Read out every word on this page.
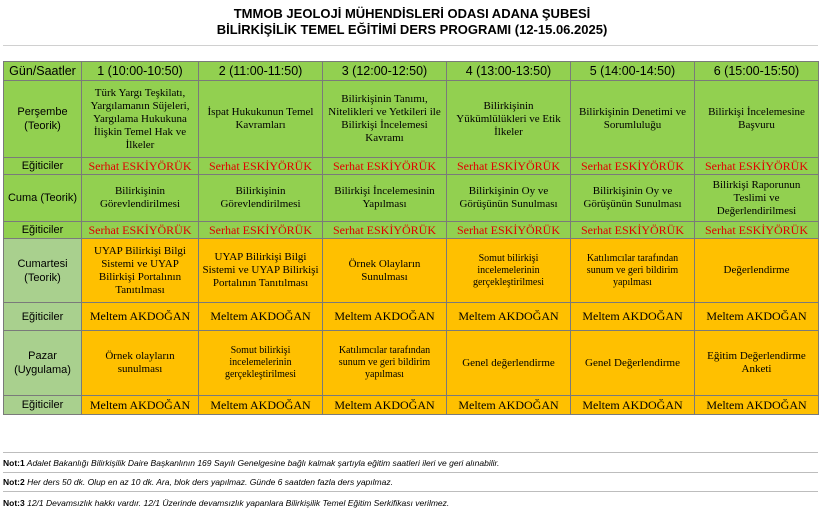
TMMOB JEOLOJİ MÜHENDİSLERİ ODASI ADANA ŞUBESİ
BİLİRKİŞİLİK TEMEL EĞİTİMİ DERS PROGRAMI (12-15.06.2025)
Gün/Saatler	1 (10:00-10:50)	2 (11:00-11:50)	3 (12:00-12:50)	4 (13:00-13:50)	5 (14:00-14:50)	6 (15:00-15:50)
Perşembe (Teorik)	Türk Yargı Teşkilatı, Yargılamanın Süjeleri, Yargılama Hukukuna İlişkin Temel Hak ve İlkeler	İspat Hukukunun Temel Kavramları	Bilirkişinin Tanımı, Nitelikleri ve Yetkileri ile Bilirkişi İncelemesi Kavramı	Bilirkişinin Yükümlülükleri ve Etik İlkeler	Bilirkişinin Denetimi ve Sorumluluğu	Bilirkişi İncelemesine Başvuru
Eğiticiler	Serhat ESKİYÖRÜK	Serhat ESKİYÖRÜK	Serhat ESKİYÖRÜK	Serhat ESKİYÖRÜK	Serhat ESKİYÖRÜK	Serhat ESKİYÖRÜK
Cuma (Teorik)	Bilirkişinin Görevlendirilmesi	Bilirkişinin Görevlendirilmesi	Bilirkişi İncelemesinin Yapılması	Bilirkişinin Oy ve Görüşünün Sunulması	Bilirkişinin Oy ve Görüşünün Sunulması	Bilirkişi Raporunun Teslimi ve Değerlendirilmesi
Eğiticiler	Serhat ESKİYÖRÜK	Serhat ESKİYÖRÜK	Serhat ESKİYÖRÜK	Serhat ESKİYÖRÜK	Serhat ESKİYÖRÜK	Serhat ESKİYÖRÜK
Cumartesi (Teorik)	UYAP Bilirkişi Bilgi Sistemi ve UYAP Bilirkişi Portalının Tanıtılması	UYAP Bilirkişi Bilgi Sistemi ve UYAP Bilirkişi Portalının Tanıtılması	Örnek Olayların Sunulması	Somut bilirkişi incelemelerinin gerçekleştirilmesi	Katılımcılar tarafından sunum ve geri bildirim yapılması	Değerlendirme
Eğiticiler	Meltem AKDOĞAN	Meltem AKDOĞAN	Meltem AKDOĞAN	Meltem AKDOĞAN	Meltem AKDOĞAN	Meltem AKDOĞAN
Pazar (Uygulama)	Örnek olayların sunulması	Somut bilirkişi incelemelerinin gerçekleştirilmesi	Katılımcılar tarafından sunum ve geri bildirim yapılması	Genel değerlendirme	Genel Değerlendirme	Eğitim Değerlendirme Anketi
Eğiticiler	Meltem AKDOĞAN	Meltem AKDOĞAN	Meltem AKDOĞAN	Meltem AKDOĞAN	Meltem AKDOĞAN	Meltem AKDOĞAN
Not:1 Adalet Bakanlığı Bilirkişilik Daire Başkanlının 169 Sayılı Genelgesine bağlı kalmak şartıyla eğitim saatleri ileri ve geri alınabilir.
Not:2 Her ders 50 dk. Olup en az 10 dk. Ara, blok ders yapılmaz. Günde 6 saatden fazla ders yapılmaz.
Not:3 12/1 Devamsızlık hakkı vardır. 12/1 Üzerinde devamsızlık yapanlara Bilirkişilik Temel Eğitim Serkifikası verilmez.
